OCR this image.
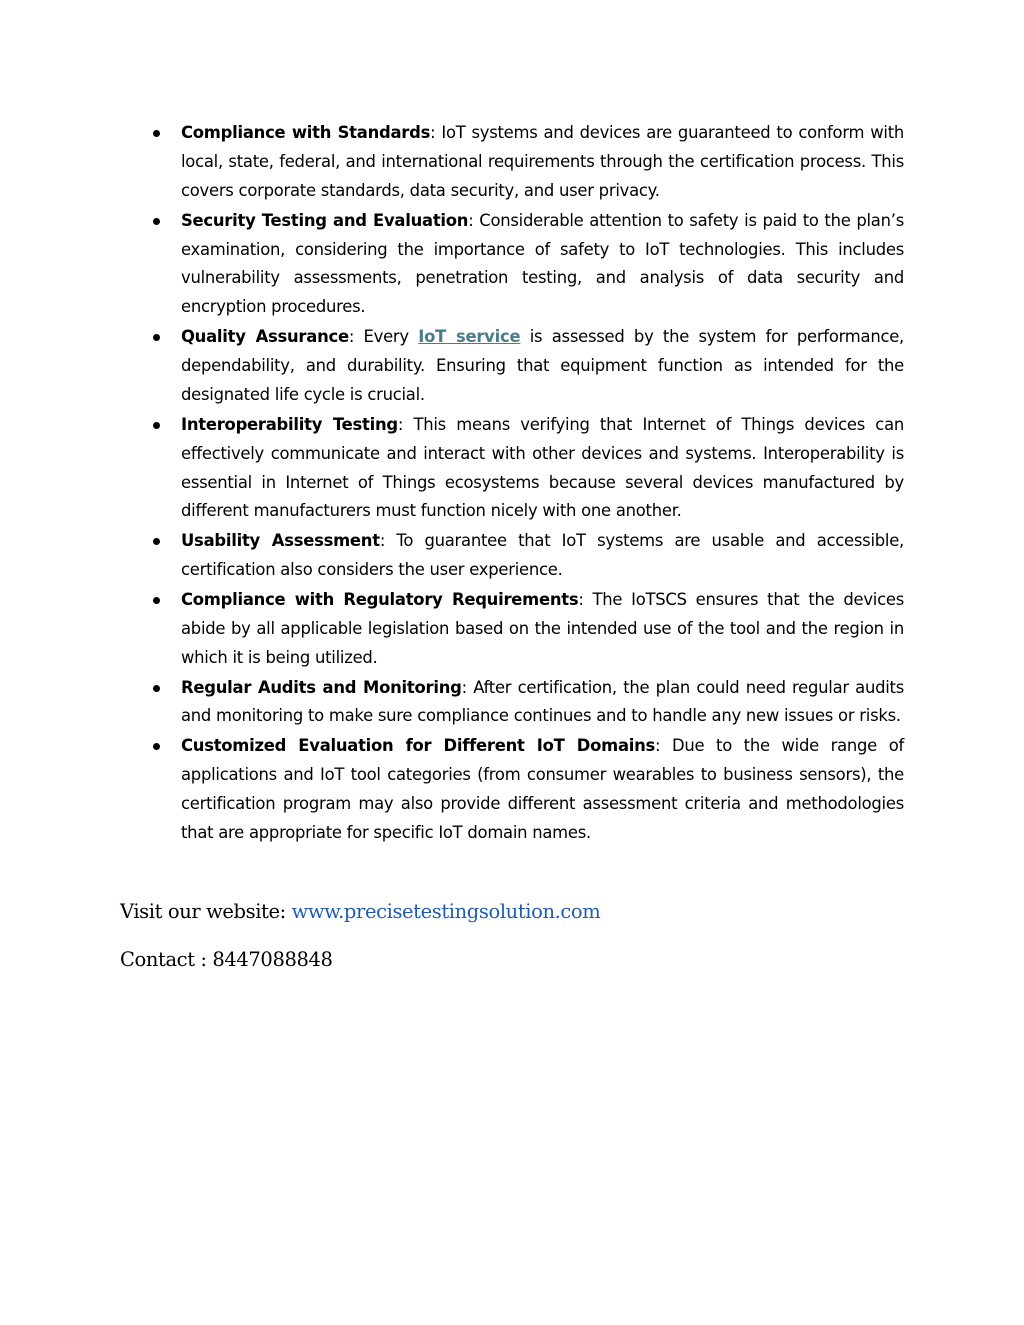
Compliance with Standards: IoT systems and devices are guaranteed to conform with local, state, federal, and international requirements through the certification process. This covers corporate standards, data security, and user privacy.
Security Testing and Evaluation: Considerable attention to safety is paid to the plan’s examination, considering the importance of safety to IoT technologies. This includes vulnerability assessments, penetration testing, and analysis of data security and encryption procedures.
Quality Assurance: Every IoT service is assessed by the system for performance, dependability, and durability. Ensuring that equipment function as intended for the designated life cycle is crucial.
Interoperability Testing: This means verifying that Internet of Things devices can effectively communicate and interact with other devices and systems. Interoperability is essential in Internet of Things ecosystems because several devices manufactured by different manufacturers must function nicely with one another.
Usability Assessment: To guarantee that IoT systems are usable and accessible, certification also considers the user experience.
Compliance with Regulatory Requirements: The IoTSCS ensures that the devices abide by all applicable legislation based on the intended use of the tool and the region in which it is being utilized.
Regular Audits and Monitoring: After certification, the plan could need regular audits and monitoring to make sure compliance continues and to handle any new issues or risks.
Customized Evaluation for Different IoT Domains: Due to the wide range of applications and IoT tool categories (from consumer wearables to business sensors), the certification program may also provide different assessment criteria and methodologies that are appropriate for specific IoT domain names.
Visit our website: www.precisetestingsolution.com
Contact : 8447088848
